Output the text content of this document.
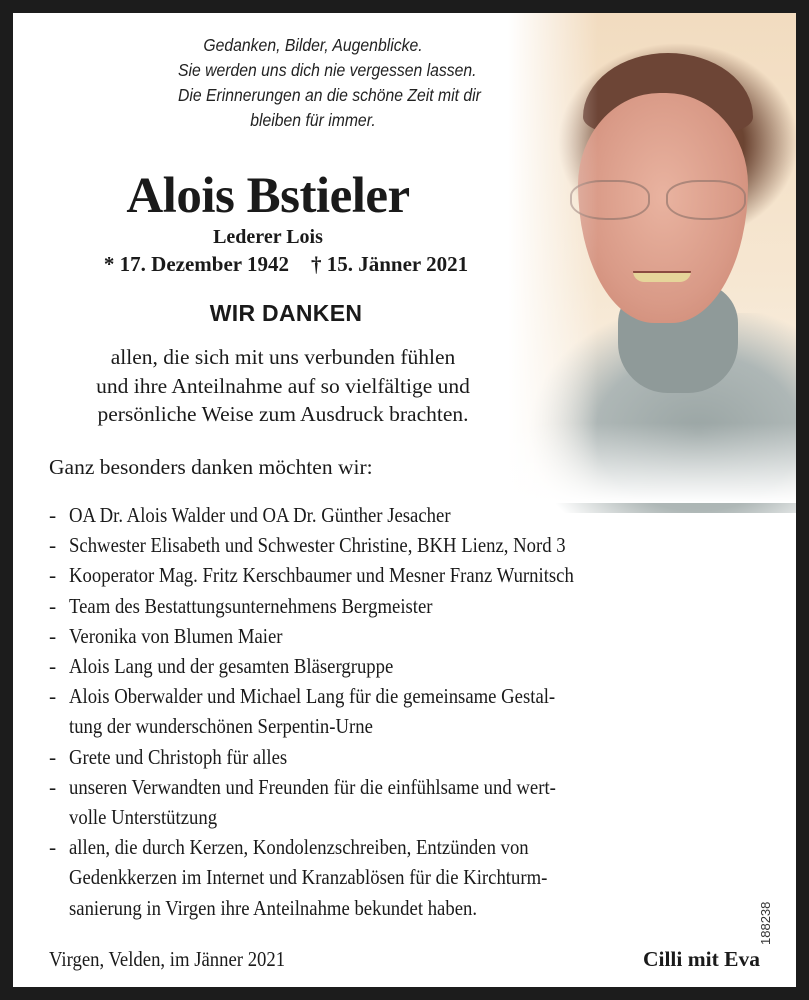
Gedanken, Bilder, Augenblicke.
Sie werden uns dich nie vergessen lassen.
Die Erinnerungen an die schöne Zeit mit dir
bleiben für immer.
Alois Bstieler
Lederer Lois
* 17. Dezember 1942 † 15. Jänner 2021
WIR DANKEN
allen, die sich mit uns verbunden fühlen
und ihre Anteilnahme auf so vielfältige und
persönliche Weise zum Ausdruck brachten.
Ganz besonders danken möchten wir:
- OA Dr. Alois Walder und OA Dr. Günther Jesacher
- Schwester Elisabeth und Schwester Christine, BKH Lienz, Nord 3
- Kooperator Mag. Fritz Kerschbaumer und Mesner Franz Wurnitsch
- Team des Bestattungsunternehmens Bergmeister
- Veronika von Blumen Maier
- Alois Lang und der gesamten Bläsergruppe
- Alois Oberwalder und Michael Lang für die gemeinsame Gestal-
tung der wunderschönen Serpentin-Urne
- Grete und Christoph für alles
- unseren Verwandten und Freunden für die einfühlsame und wert-
volle Unterstützung
- allen, die durch Kerzen, Kondolenzschreiben, Entzünden von
Gedenkkerzen im Internet und Kranzablösen für die Kirchturm-
sanierung in Virgen ihre Anteilnahme bekundet haben.
Virgen, Velden, im Jänner 2021	Cilli mit Eva
188238
